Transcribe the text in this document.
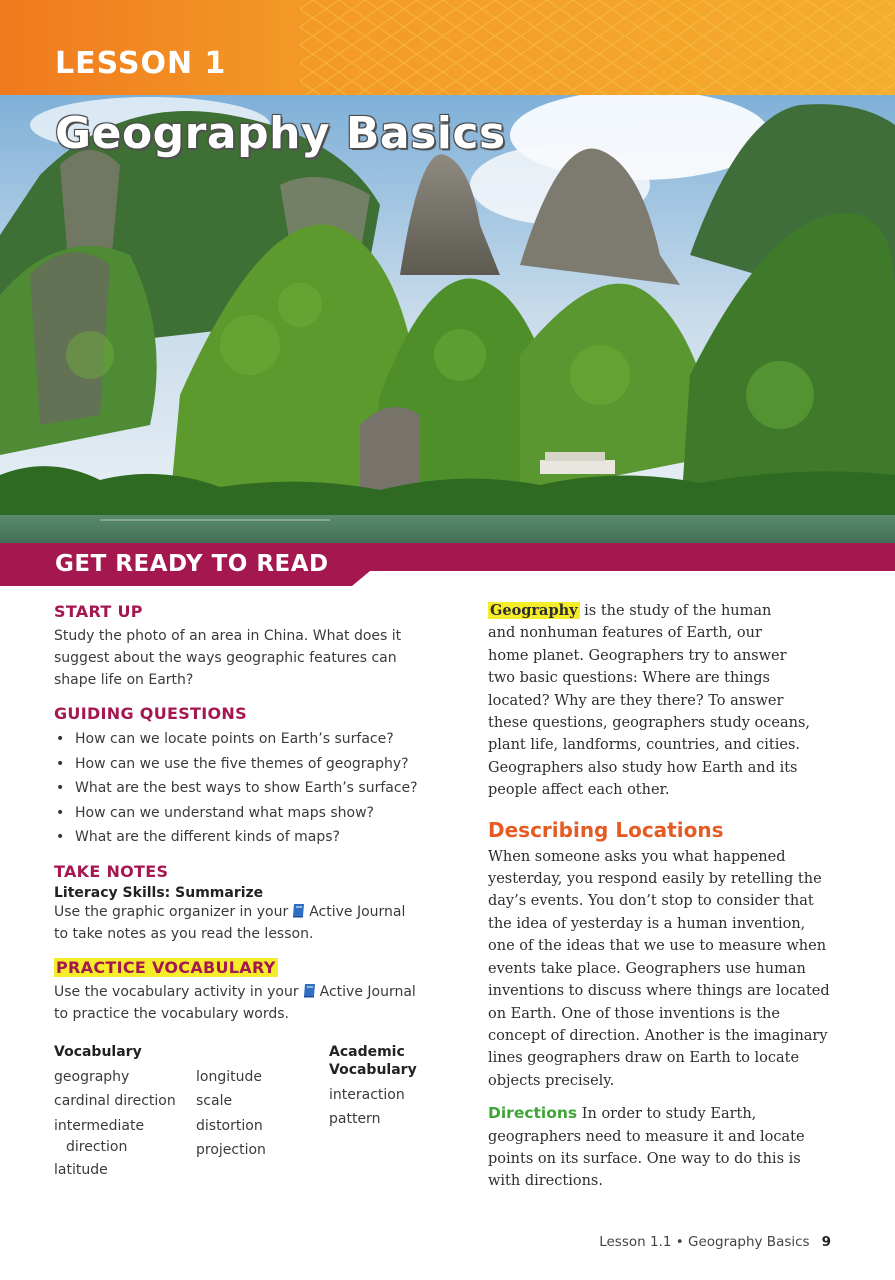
LESSON 1
Geography Basics
GET READY TO READ
START UP
Study the photo of an area in China. What does it
suggest about the ways geographic features can
shape life on Earth?
GUIDING QUESTIONS
• How can we locate points on Earth’s surface?
• How can we use the five themes of geography?
• What are the best ways to show Earth’s surface?
• How can we understand what maps show?
• What are the different kinds of maps?
TAKE NOTES
Literacy Skills: Summarize
Use the graphic organizer in your Active Journal
to take notes as you read the lesson.
PRACTICE VOCABULARY
Use the vocabulary activity in your Active Journal
to practice the vocabulary words.
Vocabulary
geography
cardinal direction
intermediate
direction
latitude
longitude
scale
distortion
projection
Academic
Vocabulary
interaction
pattern
Geography is the study of the human
and nonhuman features of Earth, our
home planet. Geographers try to answer
two basic questions: Where are things
located? Why are they there? To answer
these questions, geographers study oceans,
plant life, landforms, countries, and cities.
Geographers also study how Earth and its
people affect each other.
Describing Locations
When someone asks you what happened
yesterday, you respond easily by retelling the
day’s events. You don’t stop to consider that
the idea of yesterday is a human invention,
one of the ideas that we use to measure when
events take place. Geographers use human
inventions to discuss where things are located
on Earth. One of those inventions is the
concept of direction. Another is the imaginary
lines geographers draw on Earth to locate
objects precisely.
Directions In order to study Earth,
geographers need to measure it and locate
points on its surface. One way to do this is
with directions.
Lesson 1.1 • Geography Basics 9
